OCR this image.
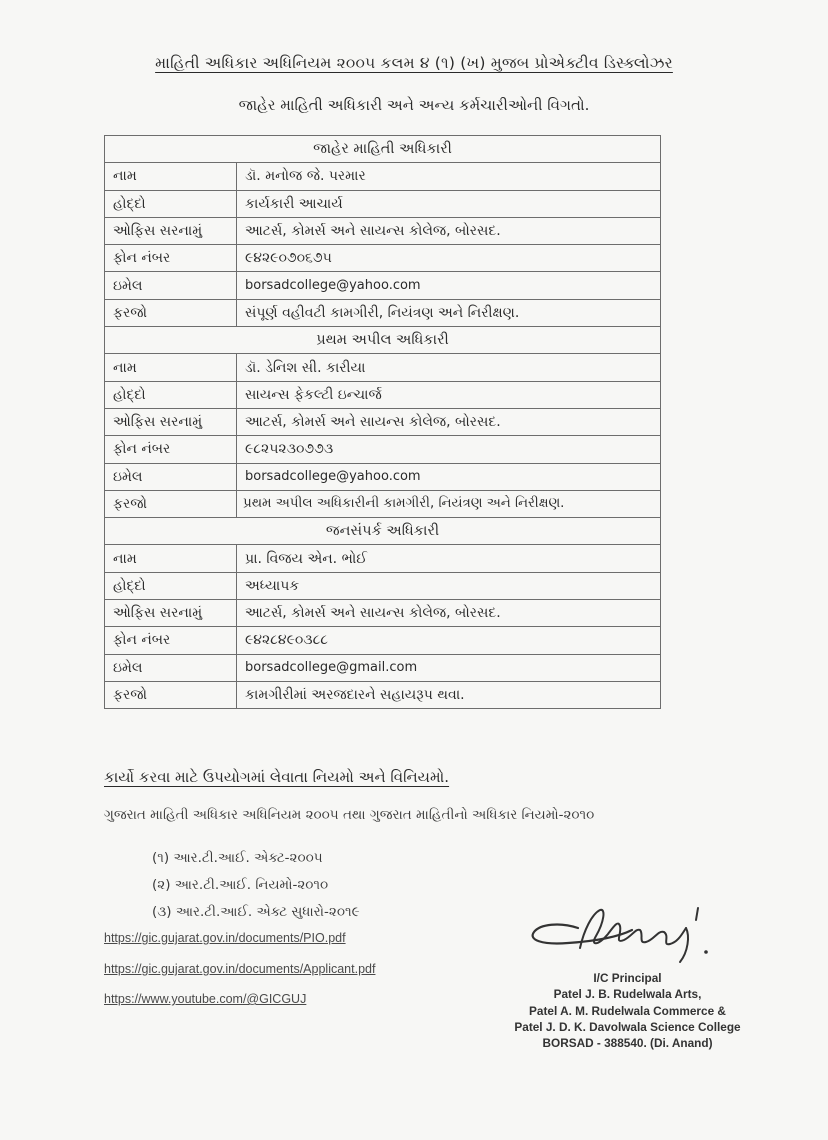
માહિતી અધિકાર અધિનિયમ ૨૦૦૫ કલમ ૪ (૧) (ખ) મુજબ પ્રોએક્ટીવ ડિસ્ક્લોઝર
જાહેર માહિતી અધિકારી અને અન્ય કર્મચારીઓની વિગતો.
જાહેર માહિતી અધિકારી	
નામ	ડૉ. મનોજ જે. પરમાર
હોદ્દો	કાર્યકારી આચાર્ય
ઓફિસ સરનામું	આટર્સ, કોમર્સ અને સાયન્સ કોલેજ, બોરસદ.
ફોન નંબર	૯૪૨૯૦૭૦૬૭૫
ઇમેલ	borsadcollege@yahoo.com
ફરજો	સંપૂર્ણ વહીવટી કામગીરી, નિયંત્રણ અને નિરીક્ષણ.
પ્રથમ અપીલ અધિકારી	
નામ	ડૉ. ડેનિશ સી. કારીયા
હોદ્દો	સાયન્સ ફેકલ્ટી ઇન્ચાર્જ
ઓફિસ સરનામું	આટર્સ, કોમર્સ અને સાયન્સ કોલેજ, બોરસદ.
ફોન નંબર	૯૮૨૫૨૩૦૭૭૩
ઇમેલ	borsadcollege@yahoo.com
ફરજો	પ્રથમ અપીલ અધિકારીની કામગીરી, નિયંત્રણ અને નિરીક્ષણ.
જનસંપર્ક અધિકારી	
નામ	પ્રા. વિજય એન. ભોઈ
હોદ્દો	અધ્યાપક
ઓફિસ સરનામું	આટર્સ, કોમર્સ અને સાયન્સ કોલેજ, બોરસદ.
ફોન નંબર	૯૪૨૮૪૯૦૩૮૮
ઇમેલ	borsadcollege@gmail.com
ફરજો	કામગીરીમાં અરજદારને સહાયરૂપ થવા.
કાર્યો કરવા માટે ઉપયોગમાં લેવાતા નિયમો અને વિનિયમો.
ગુજરાત માહિતી અધિકાર અધિનિયમ ૨૦૦૫ તથા ગુજરાત માહિતીનો અધિકાર નિયમો-૨૦૧૦
(૧) આર.ટી.આઈ. એક્ટ-૨૦૦૫
(૨) આર.ટી.આઈ. નિયમો-૨૦૧૦
(૩) આર.ટી.આઈ. એક્ટ સુધારો-૨૦૧૯
https://gic.gujarat.gov.in/documents/PIO.pdf
https://gic.gujarat.gov.in/documents/Applicant.pdf
https://www.youtube.com/@GICGUJ
I/C Principal
Patel J. B. Rudelwala Arts,
Patel A. M. Rudelwala Commerce &
Patel J. D. K. Davolwala Science College
BORSAD - 388540. (Di. Anand)
